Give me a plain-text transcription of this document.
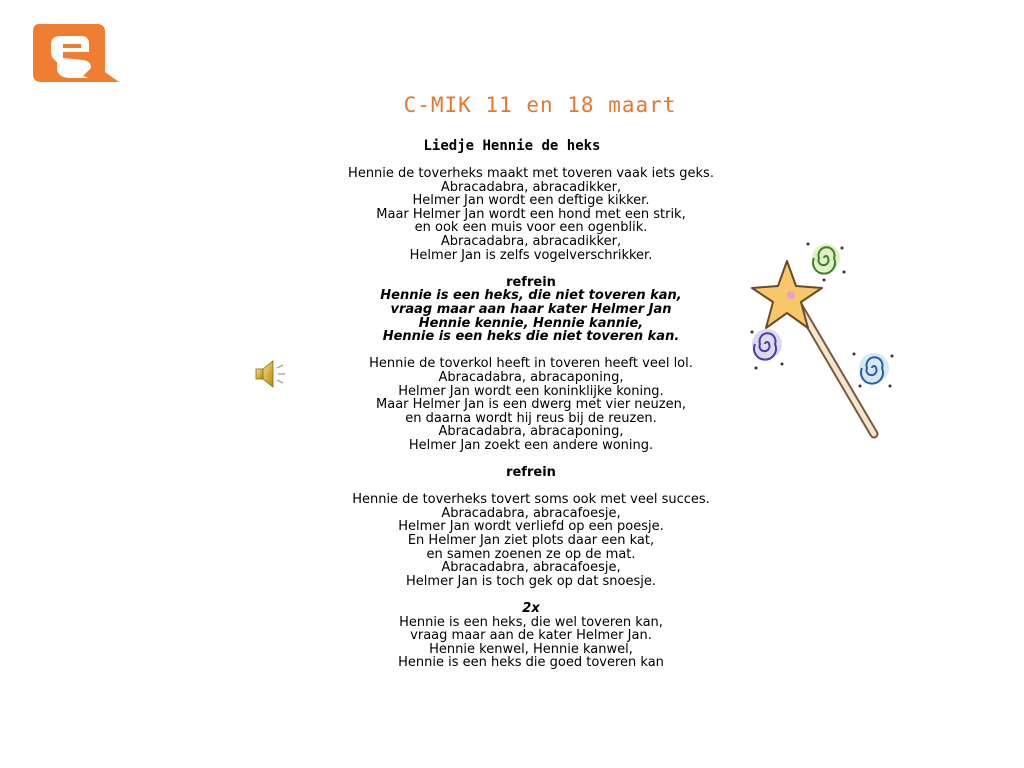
C-MIK 11 en 18 maart
Liedje Hennie de heks
Hennie de toverheks maakt met toveren vaak iets geks.
Abracadabra, abracadikker,
Helmer Jan wordt een deftige kikker.
Maar Helmer Jan wordt een hond met een strik,
en ook een muis voor een ogenblik.
Abracadabra, abracadikker,
Helmer Jan is zelfs vogelverschrikker.
refrein
Hennie is een heks, die niet toveren kan,
vraag maar aan haar kater Helmer Jan
Hennie kennie, Hennie kannie,
Hennie is een heks die niet toveren kan.
Hennie de toverkol heeft in toveren heeft veel lol.
Abracadabra, abracaponing,
Helmer Jan wordt een koninklijke koning.
Maar Helmer Jan is een dwerg met vier neuzen,
en daarna wordt hij reus bij de reuzen.
Abracadabra, abracaponing,
Helmer Jan zoekt een andere woning.
refrein
Hennie de toverheks tovert soms ook met veel succes.
Abracadabra, abracafoesje,
Helmer Jan wordt verliefd op een poesje.
En Helmer Jan ziet plots daar een kat,
en samen zoenen ze op de mat.
Abracadabra, abracafoesje,
Helmer Jan is toch gek op dat snoesje.
2x
Hennie is een heks, die wel toveren kan,
vraag maar aan de kater Helmer Jan.
Hennie kenwel, Hennie kanwel,
Hennie is een heks die goed toveren kan
